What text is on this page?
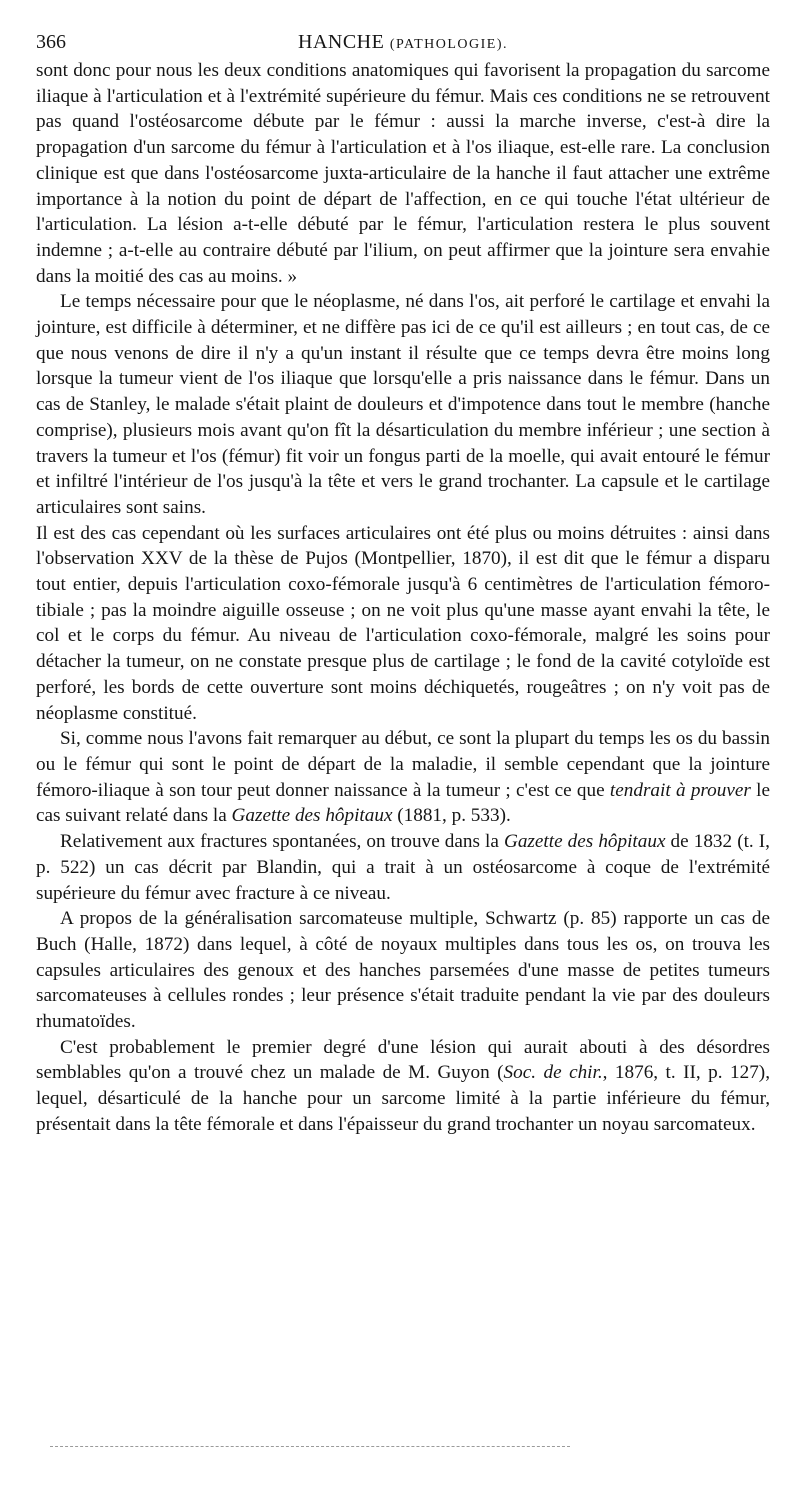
366	HANCHE (PATHOLOGIE).

sont donc pour nous les deux conditions anatomiques qui favorisent la propagation du sarcome iliaque à l'articulation et à l'extrémité supérieure du fémur. Mais ces conditions ne se retrouvent pas quand l'ostéosarcome débute par le fémur : aussi la marche inverse, c'est-à dire la propagation d'un sarcome du fémur à l'articulation et à l'os iliaque, est-elle rare. La conclusion clinique est que dans l'ostéosarcome juxta-articulaire de la hanche il faut attacher une extrême importance à la notion du point de départ de l'affection, en ce qui touche l'état ultérieur de l'articulation. La lésion a-t-elle débuté par le fémur, l'articulation restera le plus souvent indemne ; a-t-elle au contraire débuté par l'ilium, on peut affirmer que la jointure sera envahie dans la moitié des cas au moins. »

Le temps nécessaire pour que le néoplasme, né dans l'os, ait perforé le cartilage et envahi la jointure, est difficile à déterminer, et ne diffère pas ici de ce qu'il est ailleurs ; en tout cas, de ce que nous venons de dire il n'y a qu'un instant il résulte que ce temps devra être moins long lorsque la tumeur vient de l'os iliaque que lorsqu'elle a pris naissance dans le fémur. Dans un cas de Stanley, le malade s'était plaint de douleurs et d'impotence dans tout le membre (hanche comprise), plusieurs mois avant qu'on fît la désarticulation du membre inférieur ; une section à travers la tumeur et l'os (fémur) fit voir un fongus parti de la moelle, qui avait entouré le fémur et infiltré l'intérieur de l'os jusqu'à la tête et vers le grand trochanter. La capsule et le cartilage articulaires sont sains.

Il est des cas cependant où les surfaces articulaires ont été plus ou moins détruites : ainsi dans l'observation XXV de la thèse de Pujos (Montpellier, 1870), il est dit que le fémur a disparu tout entier, depuis l'articulation coxo-fémorale jusqu'à 6 centimètres de l'articulation fémoro-tibiale ; pas la moindre aiguille osseuse ; on ne voit plus qu'une masse ayant envahi la tête, le col et le corps du fémur. Au niveau de l'articulation coxo-fémorale, malgré les soins pour détacher la tumeur, on ne constate presque plus de cartilage ; le fond de la cavité cotyloïde est perforé, les bords de cette ouverture sont moins déchiquetés, rougeâtres ; on n'y voit pas de néoplasme constitué.

Si, comme nous l'avons fait remarquer au début, ce sont la plupart du temps les os du bassin ou le fémur qui sont le point de départ de la maladie, il semble cependant que la jointure fémoro-iliaque à son tour peut donner naissance à la tumeur ; c'est ce que tendrait à prouver le cas suivant relaté dans la Gazette des hôpitaux (1881, p. 533).

Relativement aux fractures spontanées, on trouve dans la Gazette des hôpitaux de 1832 (t. I, p. 522) un cas décrit par Blandin, qui a trait à un ostéosarcome à coque de l'extrémité supérieure du fémur avec fracture à ce niveau.

A propos de la généralisation sarcomateuse multiple, Schwartz (p. 85) rapporte un cas de Buch (Halle, 1872) dans lequel, à côté de noyaux multiples dans tous les os, on trouva les capsules articulaires des genoux et des hanches parsemées d'une masse de petites tumeurs sarcomateuses à cellules rondes ; leur présence s'était traduite pendant la vie par des douleurs rhumatoïdes.

C'est probablement le premier degré d'une lésion qui aurait abouti à des désordres semblables qu'on a trouvé chez un malade de M. Guyon (Soc. de chir., 1876, t. II, p. 127), lequel, désarticulé de la hanche pour un sarcome limité à la partie inférieure du fémur, présentait dans la tête fémorale et dans l'épaisseur du grand trochanter un noyau sarcomateux.
